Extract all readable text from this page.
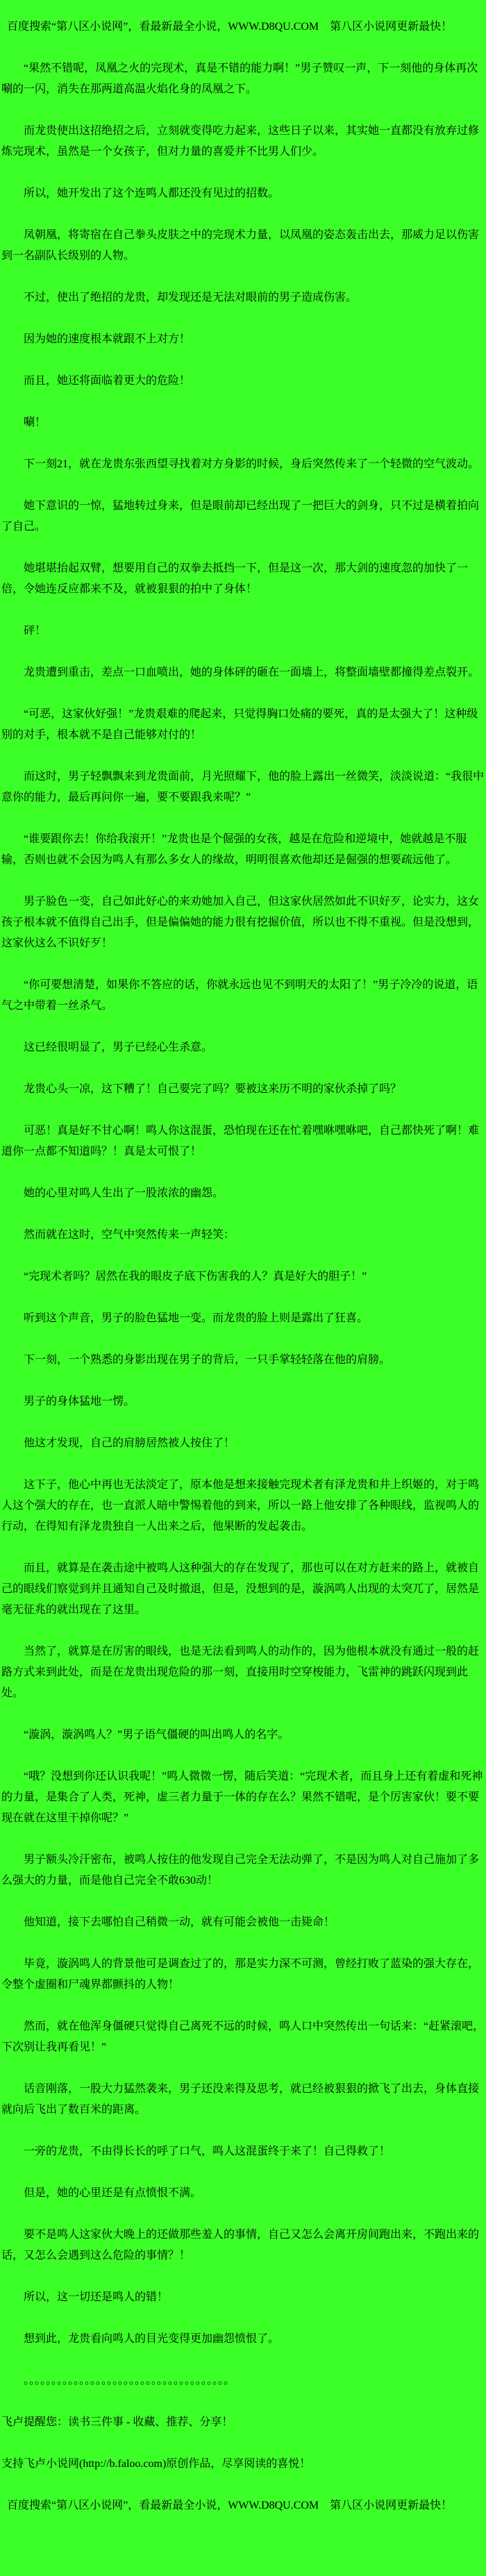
百度搜索“第八区小说网”，看最新最全小说，WWW.D8QU.COM　第八区小说网更新最快！

“果然不错呢，凤凰之火的完现术，真是不错的能力啊！”男子赞叹一声，下一刻他的身体再次唰的一闪，消失在那两道高温火焰化身的凤凰之下。

而龙贵使出这招绝招之后，立刻就变得吃力起来，这些日子以来，其实她一直都没有放弃过修炼完现术，虽然是一个女孩子，但对力量的喜爱并不比男人们少。

所以，她开发出了这个连鸣人都还没有见过的招数。

凤朝凰，将寄宿在自己拳头皮肤之中的完现术力量，以凤凰的姿态轰击出去，那威力足以伤害到一名副队长级别的人物。

不过，使出了绝招的龙贵，却发现还是无法对眼前的男子造成伤害。

因为她的速度根本就跟不上对方！

而且，她还将面临着更大的危险！

唰！

下一刻21，就在龙贵东张西望寻找着对方身影的时候，身后突然传来了一个轻微的空气波动。

她下意识的一惊，猛地转过身来，但是眼前却已经出现了一把巨大的剑身，只不过是横着拍向了自己。

她堪堪抬起双臂，想要用自己的双拳去抵挡一下，但是这一次，那大剑的速度忽的加快了一倍，令她连反应都来不及，就被狠狠的拍中了身体！

砰！

龙贵遭到重击，差点一口血喷出，她的身体砰的砸在一面墙上，将整面墙壁都撞得差点裂开。

“可恶，这家伙好强！”龙贵艰难的爬起来，只觉得胸口处痛的要死，真的是太强大了！这种级别的对手，根本就不是自己能够对付的！

而这时，男子轻飘飘来到龙贵面前，月光照耀下，他的脸上露出一丝微笑，淡淡说道：“我很中意你的能力，最后再问你一遍，要不要跟我来呢？”

“谁要跟你去！你给我滚开！”龙贵也是个倔强的女孩，越是在危险和逆境中，她就越是不服输，否则也就不会因为鸣人有那么多女人的缘故，明明很喜欢他却还是倔强的想要疏远他了。

男子脸色一变，自己如此好心的来劝她加入自己，但这家伙居然如此不识好歹，论实力，这女孩子根本就不值得自己出手，但是偏偏她的能力很有挖掘价值，所以也不得不重视。但是没想到，这家伙这么不识好歹！

“你可要想清楚，如果你不答应的话，你就永远也见不到明天的太阳了！”男子冷冷的说道，语气之中带着一丝杀气。

这已经很明显了，男子已经心生杀意。

龙贵心头一凉，这下糟了！自己要完了吗？要被这来历不明的家伙杀掉了吗？

可恶！真是好不甘心啊！鸣人你这混蛋，恐怕现在还在忙着嘿咻嘿咻吧，自己都快死了啊！难道你一点都不知道吗？！真是太可恨了！

她的心里对鸣人生出了一股浓浓的幽怨。

然而就在这时，空气中突然传来一声轻笑：

“完现术者吗？居然在我的眼皮子底下伤害我的人？真是好大的胆子！”

听到这个声音，男子的脸色猛地一变。而龙贵的脸上则是露出了狂喜。

下一刻，一个熟悉的身影出现在男子的背后，一只手掌轻轻落在他的肩膀。

男子的身体猛地一愣。

他这才发现，自己的肩膀居然被人按住了！

这下子，他心中再也无法淡定了，原本他是想来接触完现术者有泽龙贵和井上织姬的，对于鸣人这个强大的存在，也一直派人暗中警惕着他的到来，所以一路上他安排了各种眼线，监视鸣人的行动，在得知有泽龙贵独自一人出来之后，他果断的发起袭击。

而且，就算是在袭击途中被鸣人这种强大的存在发现了，那也可以在对方赶来的路上，就被自己的眼线们察觉到并且通知自己及时撤退，但是，没想到的是，漩涡鸣人出现的太突兀了，居然是毫无征兆的就出现在了这里。

当然了，就算是在厉害的眼线，也是无法看到鸣人的动作的，因为他根本就没有通过一般的赶路方式来到此处，而是在龙贵出现危险的那一刻，直接用时空穿梭能力，飞雷神的跳跃闪现到此处。

“漩涡，漩涡鸣人？”男子语气僵硬的叫出鸣人的名字。

“哦？没想到你还认识我呢！”鸣人微微一愣，随后笑道：“完现术者，而且身上还有着虚和死神的力量，是集合了人类，死神，虚三者力量于一体的存在么？果然不错呢，是个厉害家伙！要不要现在就在这里干掉你呢？”

男子额头冷汗密布，被鸣人按住的他发现自己完全无法动弹了，不是因为鸣人对自己施加了多么强大的力量，而是他自己完全不敢630动！

他知道，接下去哪怕自己稍微一动，就有可能会被他一击毙命！

毕竟，漩涡鸣人的背景他可是调查过了的，那是实力深不可测，曾经打败了蓝染的强大存在，令整个虚圈和尸魂界都颤抖的人物！

然而，就在他浑身僵硬只觉得自己离死不远的时候，鸣人口中突然传出一句话来：“赶紧滚吧，下次别让我再看见！”

话音刚落，一股大力猛然袭来，男子还没来得及思考，就已经被狠狠的掀飞了出去，身体直接就向后飞出了数百米的距离。

一旁的龙贵，不由得长长的呼了口气，鸣人这混蛋终于来了！自己得救了！

但是，她的心里还是有点愤恨不满。

要不是鸣人这家伙大晚上的还做那些羞人的事情，自己又怎么会离开房间跑出来，不跑出来的话，又怎么会遇到这么危险的事情？！

所以，这一切还是鸣人的错！

想到此，龙贵看向鸣人的目光变得更加幽怨愤恨了。

。。。。。。。。。。。。。。。。。。。。。。。。。。。。。。。。。。。。。

飞卢提醒您：读书三件事 - 收藏、推荐、分享！

支持飞卢小说网(http://b.faloo.com)原创作品，尽享阅读的喜悦！

百度搜索“第八区小说网”，看最新最全小说，WWW.D8QU.COM　第八区小说网更新最快！
